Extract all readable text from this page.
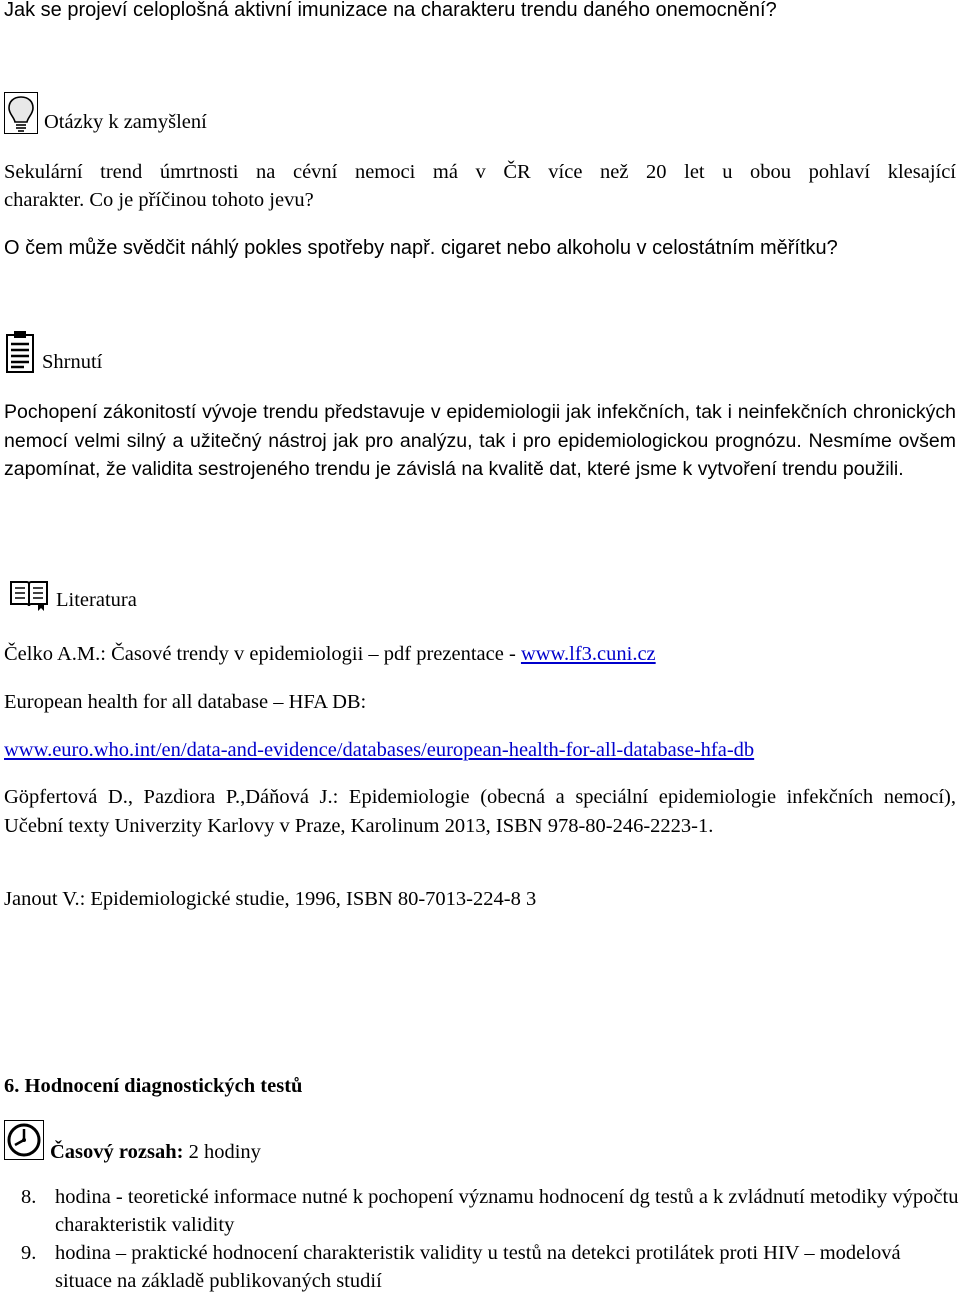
Jak se projeví celoplošná aktivní imunizace na charakteru trendu daného onemocnění?
Otázky k zamyšlení
Sekulární trend úmrtnosti na cévní nemoci má v ČR více než 20 let u obou pohlaví klesající
charakter. Co je příčinou tohoto jevu?
O čem může svědčit náhlý pokles spotřeby např. cigaret nebo alkoholu v celostátním měřítku?
Shrnutí
Pochopení zákonitostí vývoje trendu představuje v epidemiologii jak infekčních, tak i neinfekčních chronických nemocí velmi silný a užitečný nástroj jak pro analýzu, tak i pro epidemiologickou prognózu. Nesmíme ovšem zapomínat, že validita sestrojeného trendu je závislá na kvalitě dat, které jsme k vytvoření trendu použili.
Literatura
Čelko A.M.: Časové trendy v epidemiologii – pdf prezentace - www.lf3.cuni.cz
European health for all database – HFA DB:
www.euro.who.int/en/data-and-evidence/databases/european-health-for-all-database-hfa-db
Göpfertová D., Pazdiora P.,Dáňová J.: Epidemiologie (obecná a speciální epidemiologie infekčních nemocí), Učební texty Univerzity Karlovy v Praze, Karolinum 2013, ISBN 978-80-246-2223-1.
Janout V.: Epidemiologické studie, 1996, ISBN 80-7013-224-8 3
6. Hodnocení diagnostických testů
Časový rozsah: 2 hodiny
8. hodina - teoretické informace nutné k pochopení významu hodnocení dg testů a k zvládnutí metodiky výpočtu charakteristik validity
9. hodina – praktické hodnocení charakteristik validity u testů na detekci protilátek proti HIV – modelová situace na základě publikovaných studií
